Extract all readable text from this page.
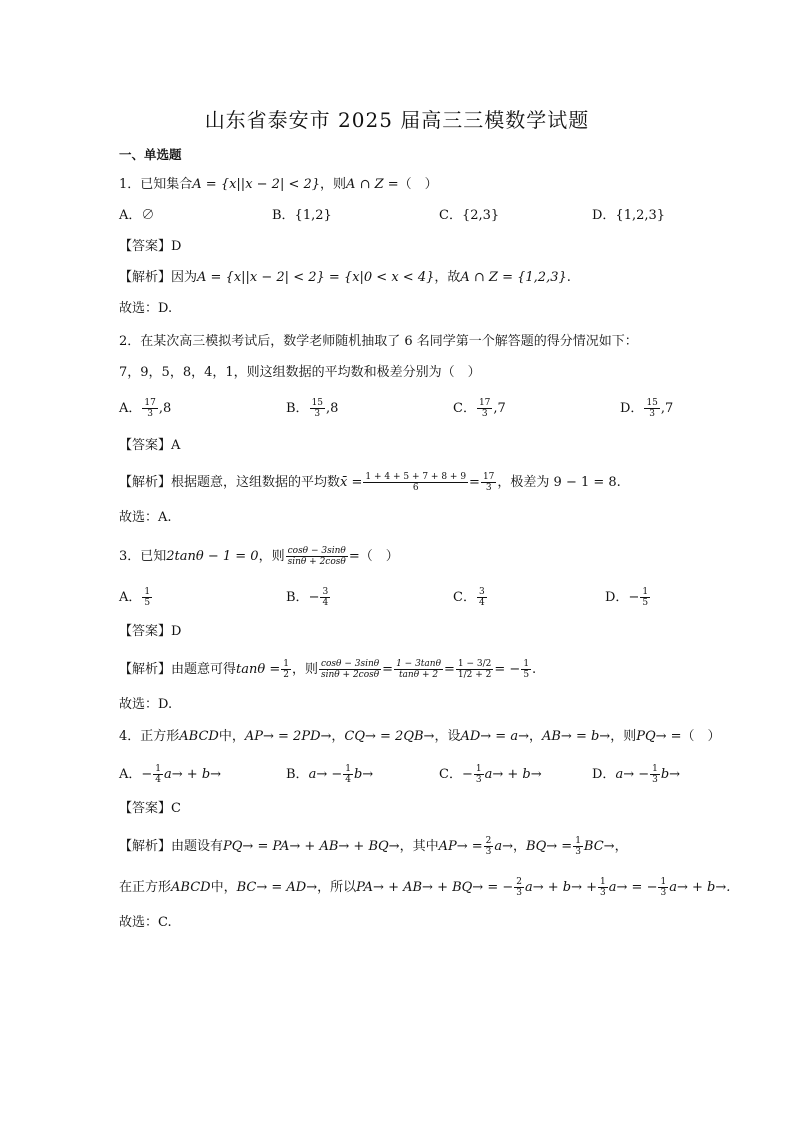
山东省泰安市 2025 届高三三模数学试题
一、单选题
1．已知集合A = {x||x − 2| < 2}，则A ∩ Z =（　）
A．∅	B．{1,2}	C．{2,3}	D．{1,2,3}
【答案】D
【解析】因为A = {x||x − 2| < 2} = {x|0 < x < 4}，故A ∩ Z = {1,2,3}.
故选：D.
2．在某次高三模拟考试后，数学老师随机抽取了 6 名同学第一个解答题的得分情况如下：
7，9，5，8，4，1，则这组数据的平均数和极差分别为（　）
A． $\frac{17}{3} ,8$	B． $\frac{15}{3} ,8$	C． $\frac{17}{3} ,7$	D． $\frac{15}{3} ,7$
【答案】A
【解析】根据题意，这组数据的平均数x̄ = $\frac{1 + 4 + 5 + 7 + 8 + 9}{6} = \frac{17}{3}$ ，极差为 9 − 1 = 8.
故选：A.
3．已知2tanθ − 1 = 0，则 $\frac{\cos\theta - 3\sin\theta}{\sin\theta + 2\cos\theta}$ =（　）
A． $\frac{1}{5}$	B．− $\frac{3}{4}$	C． $\frac{3}{4}$	D．− $\frac{1}{5}$
【答案】D
【解析】由题意可得$\tan\theta = \frac{1}{2}$ ，则 $\frac{\cos\theta - 3\sin\theta}{\sin\theta + 2\cos\theta} = \frac{1 - 3\tan\theta}{\tan\theta + 2} = \frac{1 - 3/2}{1/2 + 2}$ = − $\frac{1}{5}$ .
故选：D.
4．正方形ABCD中，AP→ = 2PD→，CQ→ = 2QB→，设AD→ = a→，AB→ = b→，则PQ→ =（　）
A．− $\frac{1}{4} a\to + b\to$	B．$a\to - \frac{1}{4} b\to$	C．− $\frac{1}{3} a\to + b\to$	D．$a\to - \frac{1}{3} b\to$
【答案】C
【解析】由题设有PQ→ = PA→ + AB→ + BQ→，其中$AP\to = \frac{2}{3} a\to$，$BQ\to = \frac{1}{3} BC\to$，
在正方形ABCD中，BC→ = AD→，所以PA→ + AB→ + BQ→ = − $\frac{2}{3} a\to + b\to + \frac{1}{3} a\to$ = − $\frac{1}{3} a\to + b\to$.
故选：C.
